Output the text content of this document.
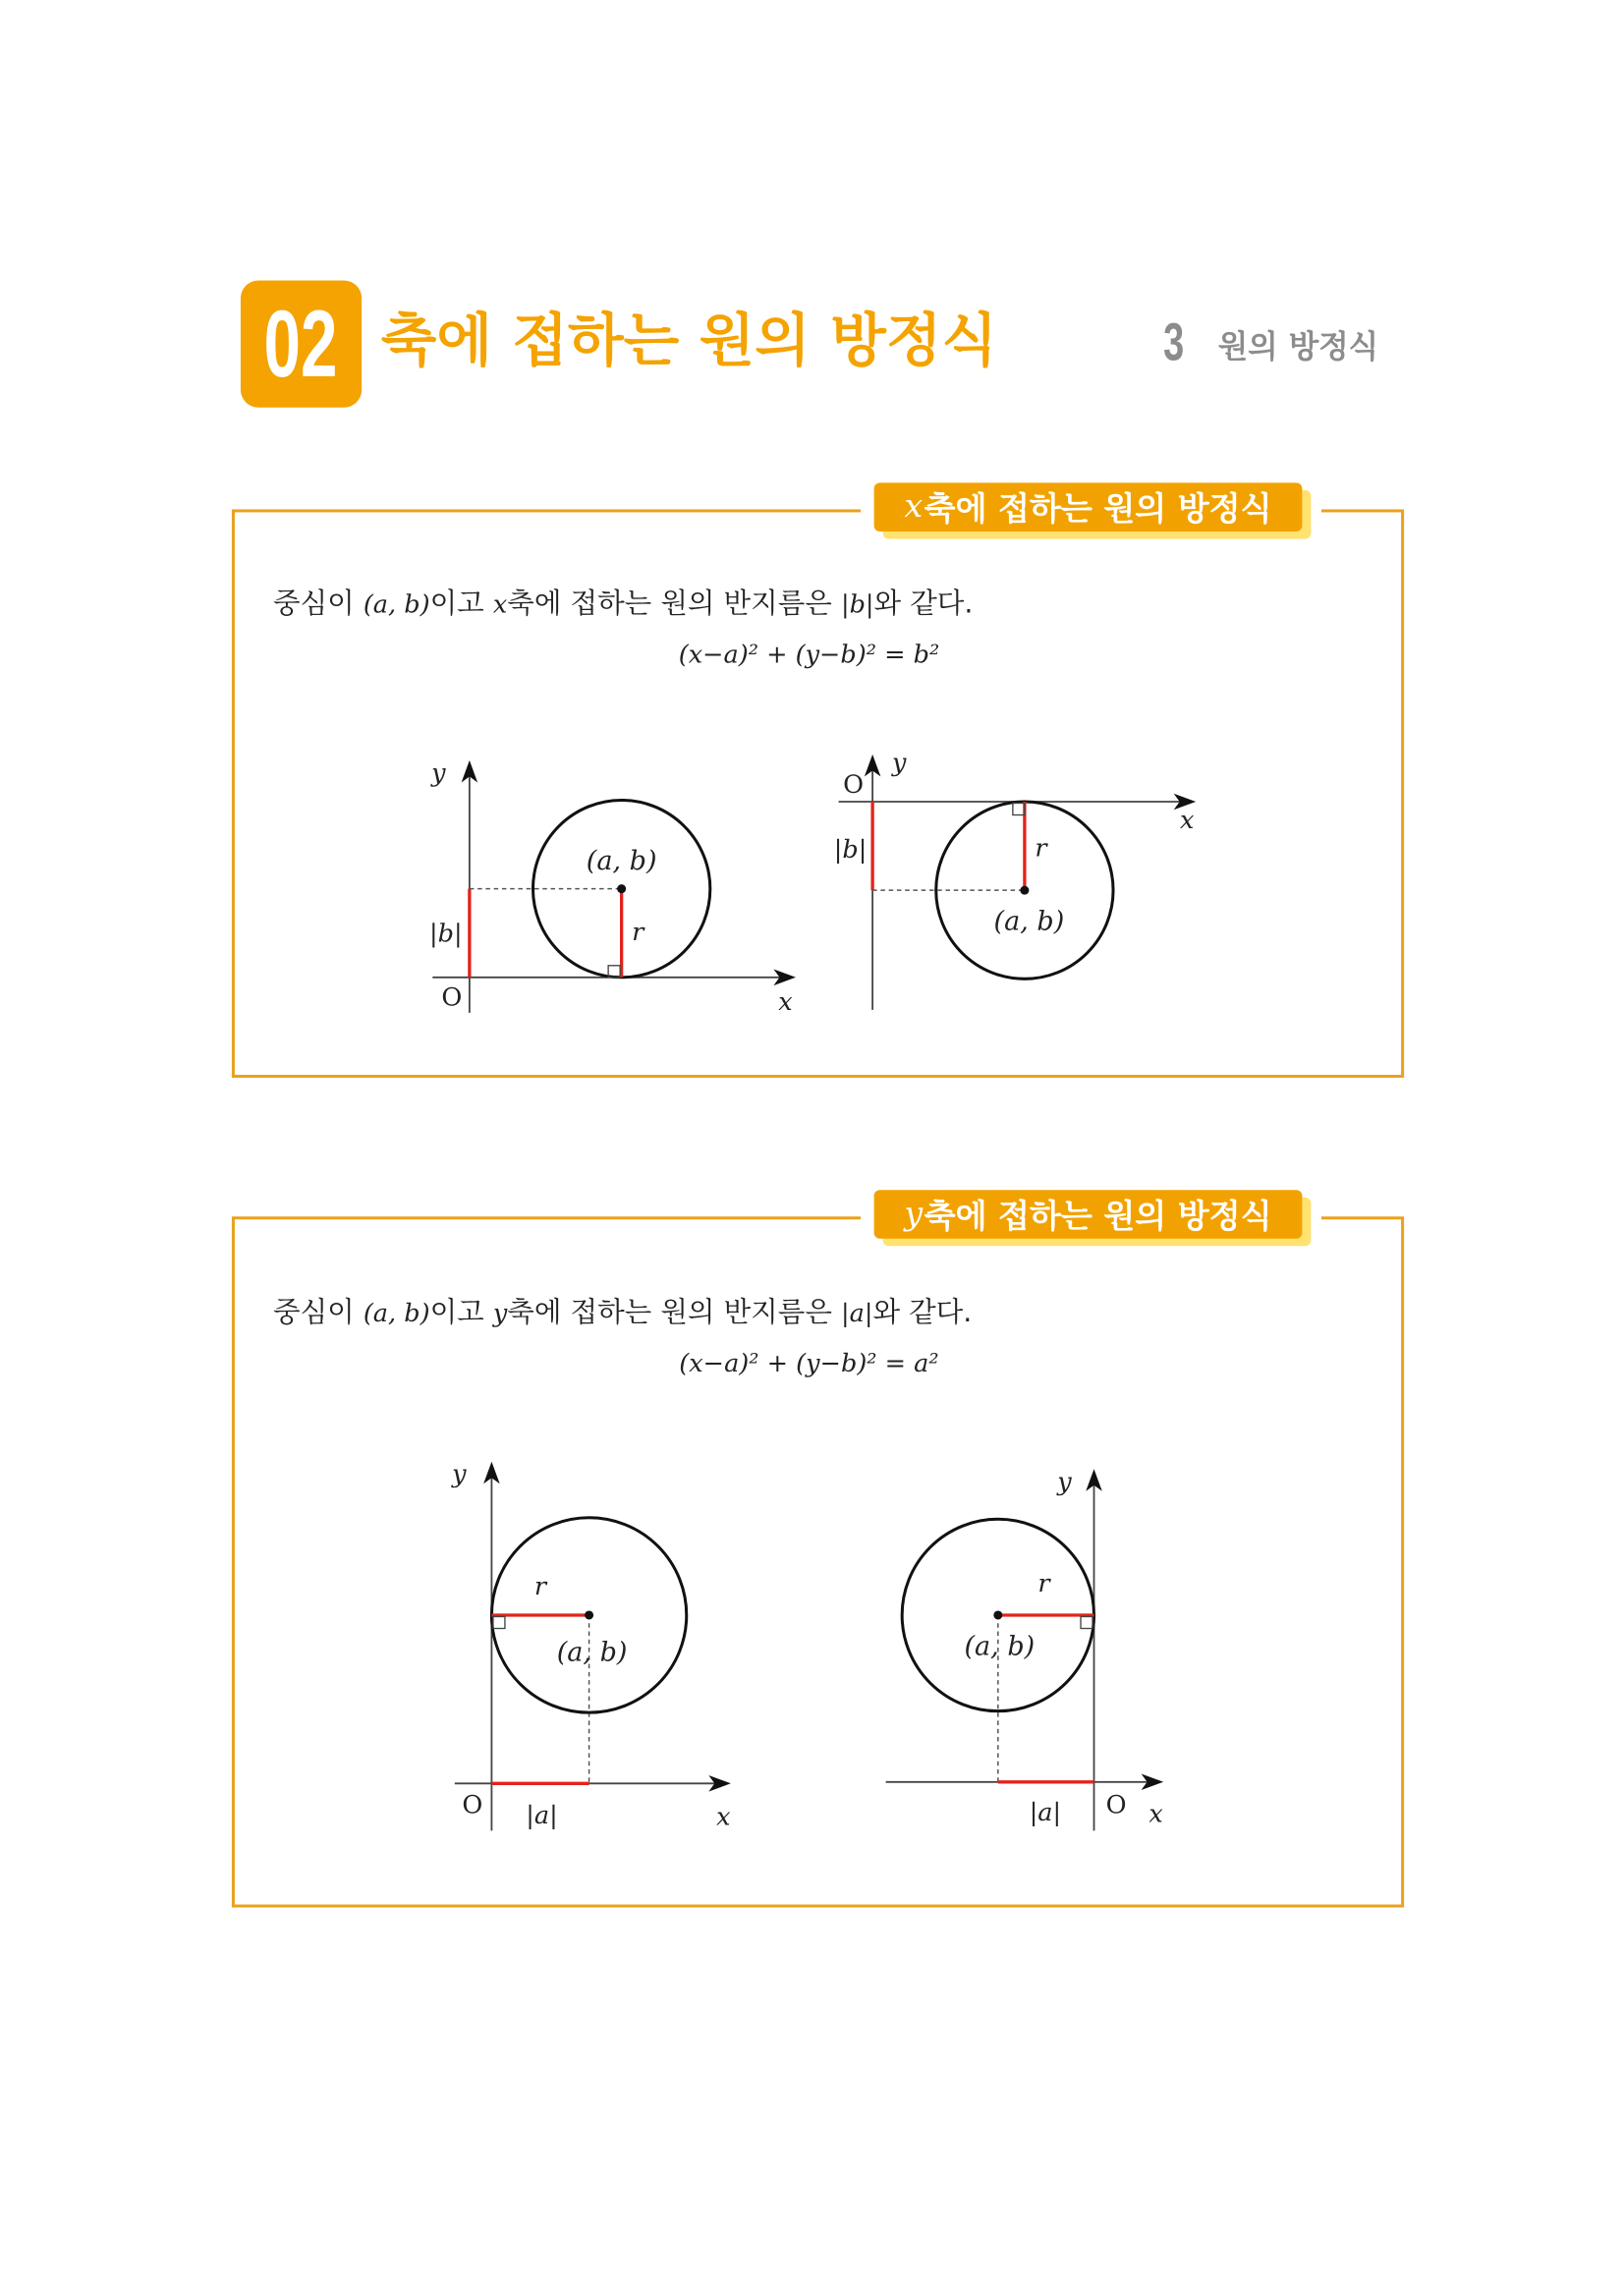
02 축에 접하는 원의 방정식	3 원의 방정식
x 축에 접하는 원의 방정식

중심이 (a, b)이고 x축에 접하는 원의 반지름은 |b|와 같다.

(x−a)² + (y−b)² = b²
y 축에 접하는 원의 방정식

중심이 (a, b)이고 y축에 접하는 원의 반지름은 |a|와 같다.

(x−a)² + (y−b)² = a²
y
O	x
|b|
(a, b)
r
O
y
x
|b|	r
(a, b)
y
r
(a, b)
O	|a|	x
y
r
(a, b)
|a|	O x
